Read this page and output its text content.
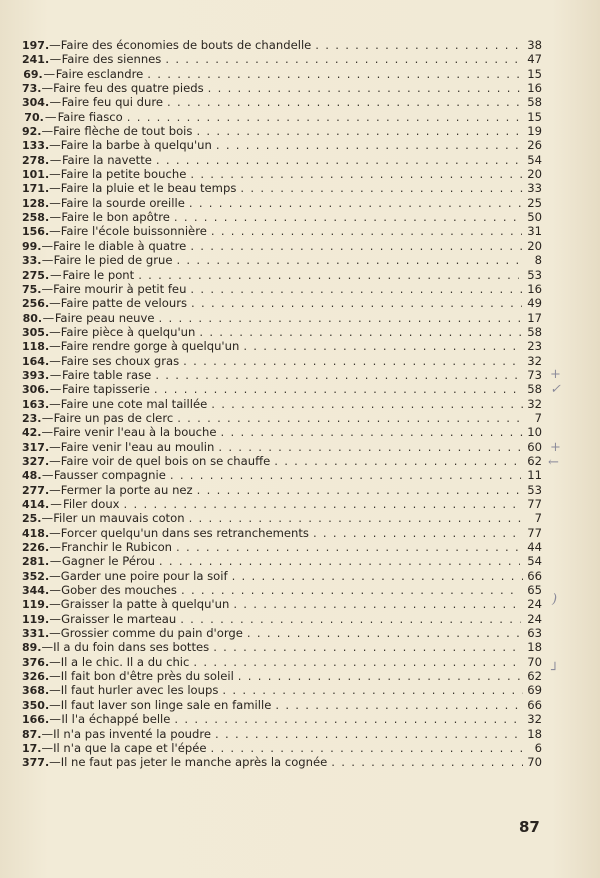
197. — Faire des économies de bouts de chandelle . . .	38
241. — Faire des siennes . . .	47
69. — Faire esclandre . . .	15
73. — Faire feu des quatre pieds . . .	16
304. — Faire feu qui dure . . .	58
70. — Faire fiasco . . .	15
92. — Faire flèche de tout bois . . .	19
133. — Faire la barbe à quelqu'un . . .	26
278. — Faire la navette . . .	54
101. — Faire la petite bouche . . .	20
171. — Faire la pluie et le beau temps . . .	33
128. — Faire la sourde oreille . . .	25
258. — Faire le bon apôtre . . .	50
156. — Faire l'école buissonnière . . .	31
99. — Faire le diable à quatre . . .	20
33. — Faire le pied de grue . . .	8
275. — Faire le pont . . .	53
75. — Faire mourir à petit feu . . .	16
256. — Faire patte de velours . . .	49
80. — Faire peau neuve . . .	17
305. — Faire pièce à quelqu'un . . .	58
118. — Faire rendre gorge à quelqu'un . . .	23
164. — Faire ses choux gras . . .	32
393. — Faire table rase . . .	73
306. — Faire tapisserie . . .	58
163. — Faire une cote mal taillée . . .	32
23. — Faire un pas de clerc . . .	7
42. — Faire venir l'eau à la bouche . . .	10
317. — Faire venir l'eau au moulin . . .	60
327. — Faire voir de quel bois on se chauffe . . .	62
48. — Fausser compagnie . . .	11
277. — Fermer la porte au nez . . .	53
414. — Filer doux . . .	77
25. — Filer un mauvais coton . . .	7
418. — Forcer quelqu'un dans ses retranchements . . .	77
226. — Franchir le Rubicon . . .	44
281. — Gagner le Pérou . . .	54
352. — Garder une poire pour la soif . . .	66
344. — Gober des mouches . . .	65
119. — Graisser la patte à quelqu'un . . .	24
119. — Graisser le marteau . . .	24
331. — Grossier comme du pain d'orge . . .	63
89. — Il a du foin dans ses bottes . . .	18
376. — Il a le chic. Il a du chic . . .	70
326. — Il fait bon d'être près du soleil . . .	62
368. — Il faut hurler avec les loups . . .	69
350. — Il faut laver son linge sale en famille . . .	66
166. — Il l'a échappé belle . . .	32
87. — Il n'a pas inventé la poudre . . .	18
17. — Il n'a que la cape et l'épée . . .	6
377. — Il ne faut pas jeter le manche après la cognée . . .	70
+
✓
+
←
)
┘
87
